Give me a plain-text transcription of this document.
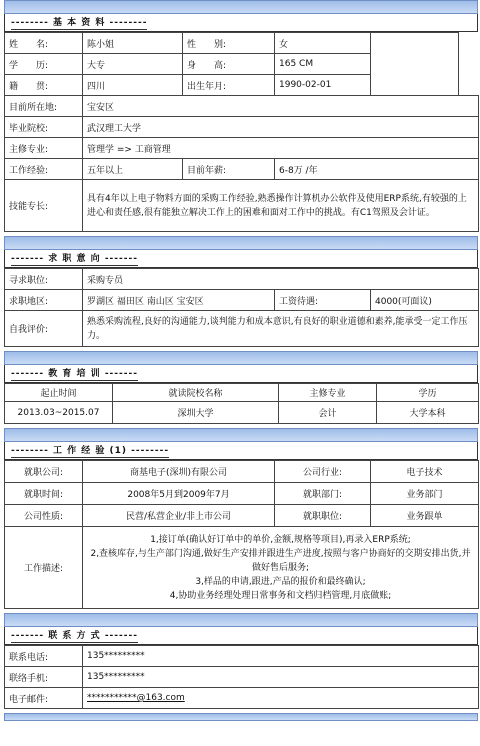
-------- 基 本 资 料 --------
姓　　名:	陈小姐	性　　别:	女		
学　　历:	大专	身　　高:	165 CM		
籍　　贯:	四川	出生年月:	1990-02-01		
目前所在地:	宝安区				
毕业院校:	武汉理工大学				
主修专业:	管理学 => 工商管理				
工作经验:	五年以上	目前年薪:	6-8万 /年		
技能专长:	具有4年以上电子物料方面的采购工作经验,熟悉操作计算机办公软件及使用ERP系统,有较强的上进心和责任感,很有能独立解决工作上的困难和面对工作中的挑战。有C1驾照及会计证。				
------- 求 职 意 向 -------
寻求职位:	采购专员		
求职地区:	罗湖区 福田区 南山区 宝安区	工资待遇:	4000(可面议)
自我评价:	熟悉采购流程,良好的沟通能力,谈判能力和成本意识,有良好的职业道德和素养,能承受一定工作压力。		
------- 教 育 培 训 -------
起止时间	就读院校名称	主修专业	学历
2013.03~2015.07	深圳大学	会计	大学本科
-------- 工 作 经 验 (1) --------
就职公司:	商基电子(深圳)有限公司	公司行业:	电子技术
就职时间:	2008年5月到2009年7月	就职部门:	业务部门
公司性质:	民营/私营企业/非上市公司	就职职位:	业务跟单
工作描述:	1,接订单(确认好订单中的单价,金额,规格等项目),再录入ERP系统;
2,查核库存,与生产部门沟通,做好生产安排并跟进生产进度,按照与客户协商好的交期安排出货,并做好售后服务;
3,样品的申请,跟进,产品的报价和最终确认;
4,协助业务经理处理日常事务和文档归档管理,月底做账;		
------- 联 系 方 式 -------
联系电话:	135*********
联络手机:	135*********
电子邮件:	***********@163.com
